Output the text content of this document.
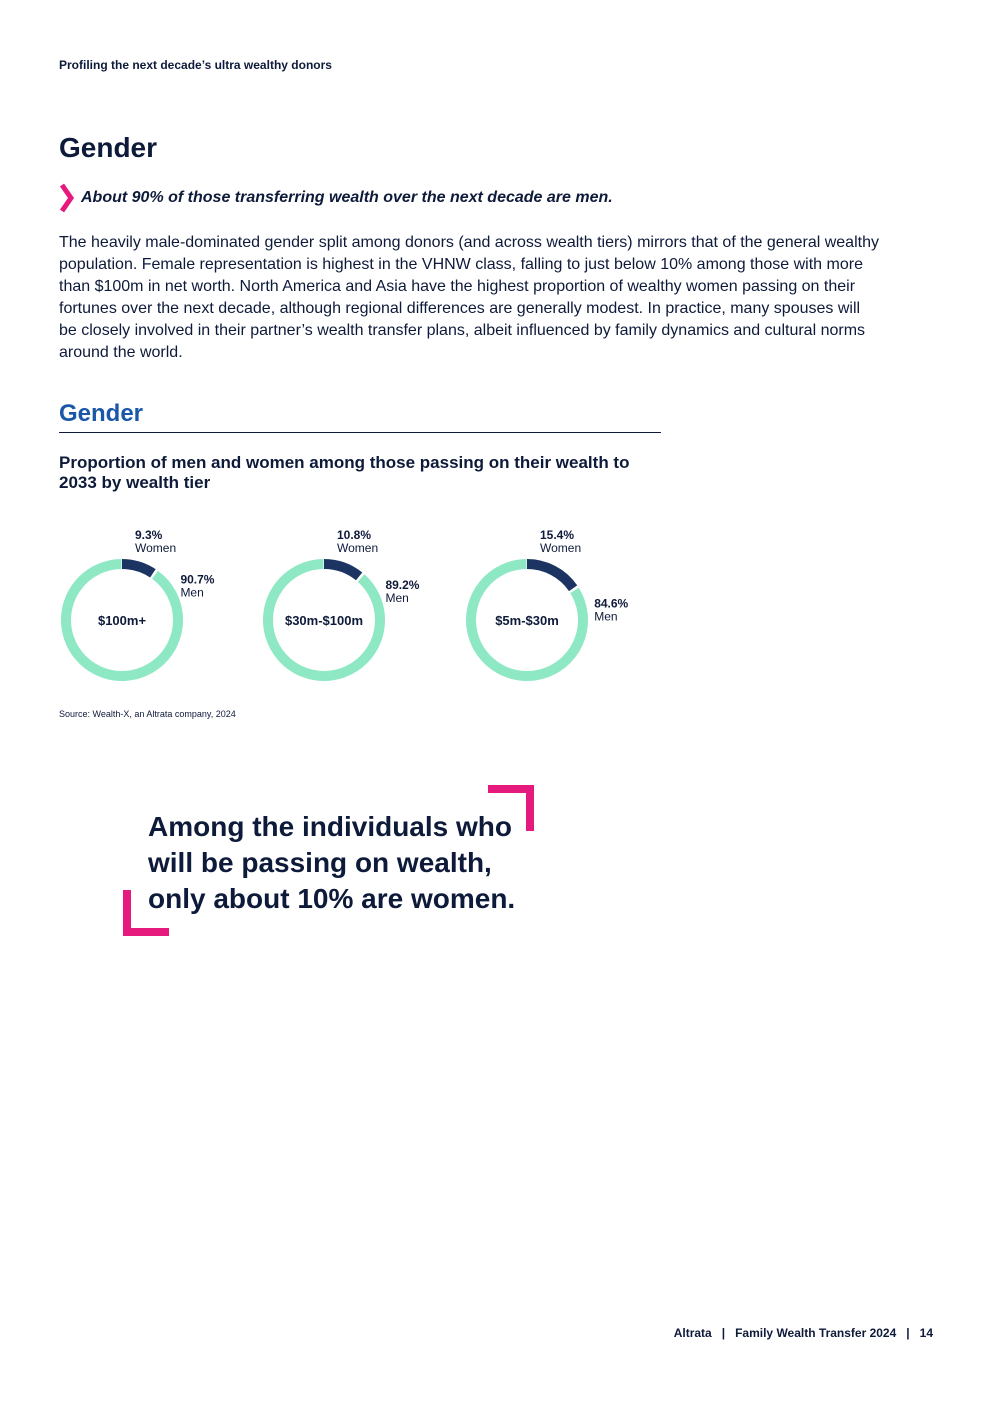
Profiling the next decade’s ultra wealthy donors
Gender
About 90% of those transferring wealth over the next decade are men.

The heavily male-dominated gender split among donors (and across wealth tiers) mirrors that of the general wealthy population. Female representation is highest in the VHNW class, falling to just below 10% among those with more than $100m in net worth. North America and Asia have the highest proportion of wealthy women passing on their fortunes over the next decade, although regional differences are generally modest. In practice, many spouses will be closely involved in their partner’s wealth transfer plans, albeit influenced by family dynamics and cultural norms around the world.

Gender

Proportion of men and women among those passing on their wealth to 2033 by wealth tier

$100m+
9.3%
Women
90.7%
Men
$30m-$100m
10.8%
Women
89.2%
Men
$5m-$30m
15.4%
Women
84.6%
Men
Source: Wealth-X, an Altrata company, 2024

Among the individuals who will be passing on wealth, only about 10% are women.

Altrata | Family Wealth Transfer 2024 | 14
